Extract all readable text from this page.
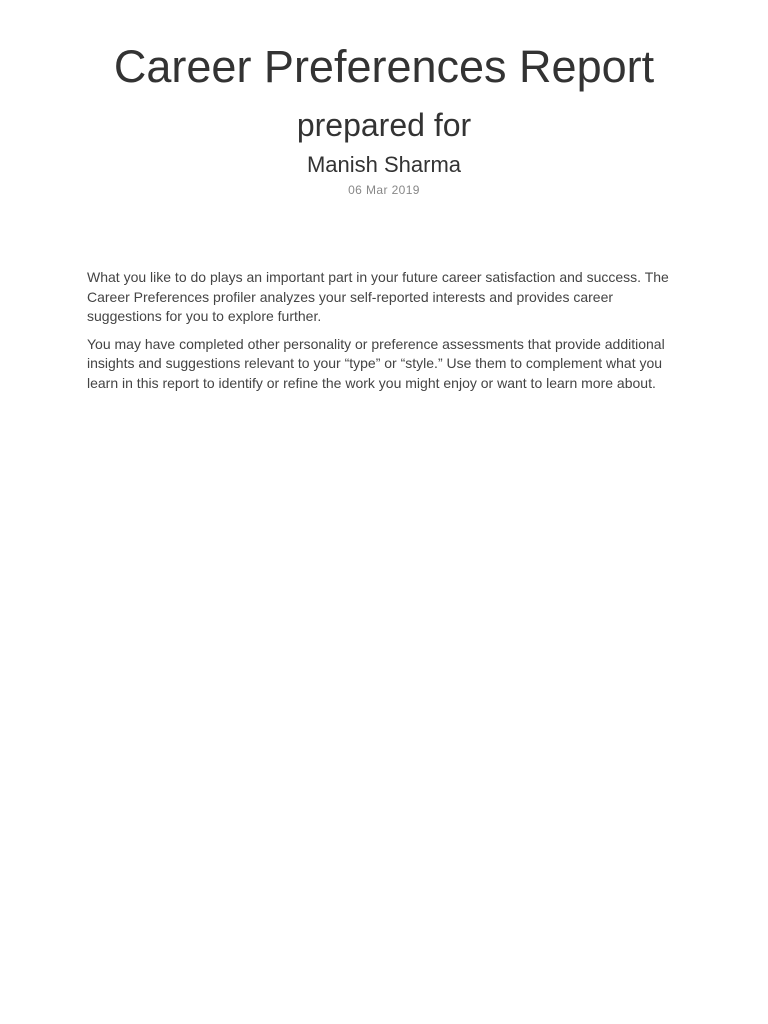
Career Preferences Report
prepared for
Manish Sharma
06 Mar 2019

What you like to do plays an important part in your future career satisfaction and success. The Career Preferences profiler analyzes your self-reported interests and provides career suggestions for you to explore further.

You may have completed other personality or preference assessments that provide additional insights and suggestions relevant to your “type” or “style.” Use them to complement what you learn in this report to identify or refine the work you might enjoy or want to learn more about.
